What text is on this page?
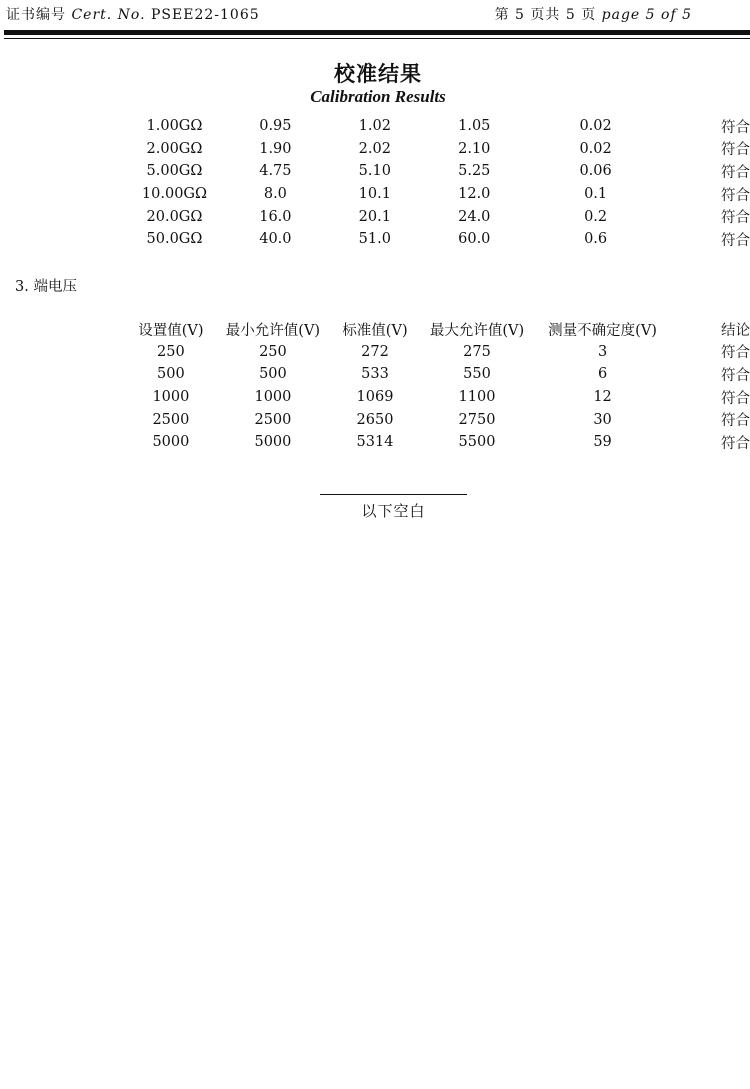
证书编号 Cert. No. PSEE22-1065	第 5 页共 5 页 page 5 of 5
校准结果
Calibration Results
1.00GΩ	0.95	1.02	1.05	0.02	符合
2.00GΩ	1.90	2.02	2.10	0.02	符合
5.00GΩ	4.75	5.10	5.25	0.06	符合
10.00GΩ	8.0	10.1	12.0	0.1	符合
20.0GΩ	16.0	20.1	24.0	0.2	符合
50.0GΩ	40.0	51.0	60.0	0.6	符合
3. 端电压
设置值(V)	最小允许值(V)	标准值(V)	最大允许值(V)	测量不确定度(V)	结论
250	250	272	275	3	符合
500	500	533	550	6	符合
1000	1000	1069	1100	12	符合
2500	2500	2650	2750	30	符合
5000	5000	5314	5500	59	符合
以下空白
